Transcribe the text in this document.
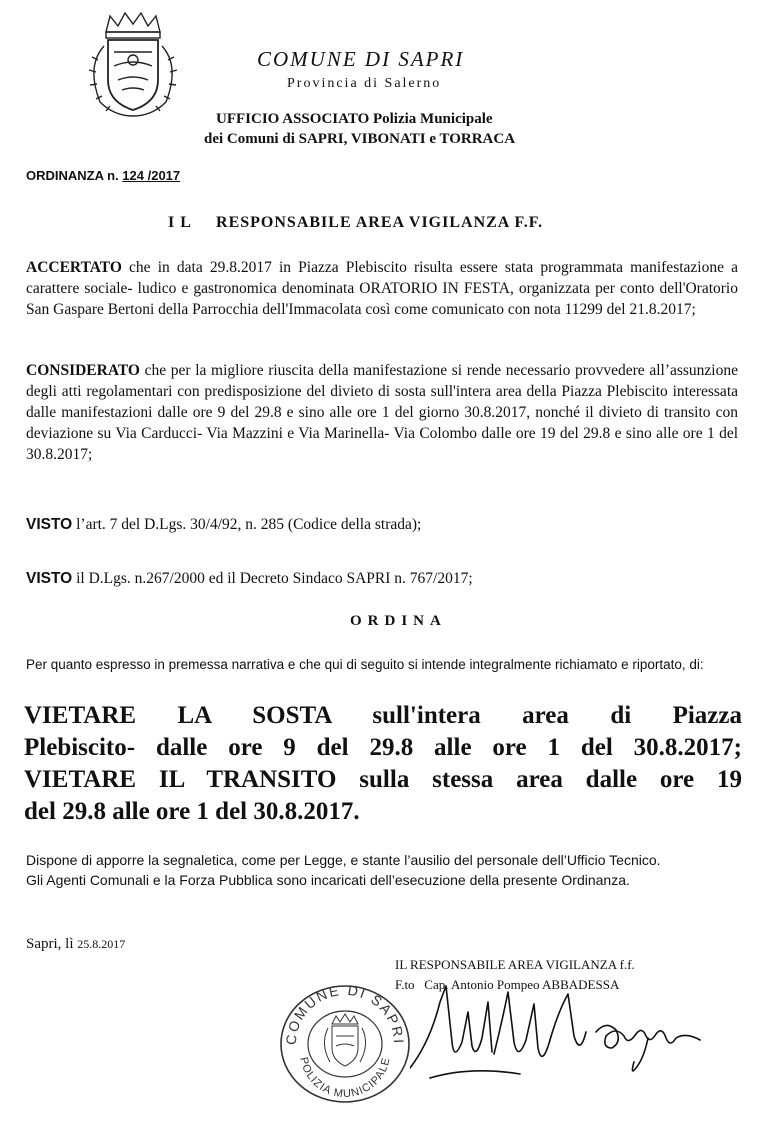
COMUNE DI SAPRI
Provincia di Salerno
UFFICIO ASSOCIATO Polizia Municipale
dei Comuni di SAPRI, VIBONATI e TORRACA
ORDINANZA n. 124 /2017
I L     RESPONSABILE AREA VIGILANZA F.F.
ACCERTATO che in data 29.8.2017 in Piazza Plebiscito risulta essere stata programmata manifestazione a carattere sociale- ludico e gastronomica denominata ORATORIO IN FESTA, organizzata per conto dell'Oratorio San Gaspare Bertoni della Parrocchia dell'Immacolata così come comunicato con nota 11299 del 21.8.2017;
CONSIDERATO che per la migliore riuscita della manifestazione si rende necessario provvedere all’assunzione degli atti regolamentari con predisposizione del divieto di sosta sull'intera area della Piazza Plebiscito interessata dalle manifestazioni dalle ore 9 del 29.8 e sino alle ore 1 del giorno 30.8.2017, nonché il divieto di transito con deviazione su Via Carducci- Via Mazzini e Via Marinella- Via Colombo dalle ore 19 del 29.8 e sino alle ore 1 del 30.8.2017;
VISTO l’art. 7 del D.Lgs. 30/4/92, n. 285 (Codice della strada);
VISTO il D.Lgs. n.267/2000 ed il Decreto Sindaco SAPRI n. 767/2017;
ORDINA
Per quanto espresso in premessa narrativa e che qui di seguito si intende integralmente richiamato e riportato, di:
VIETARE LA SOSTA sull'intera area di Piazza
Plebiscito- dalle ore 9 del 29.8 alle ore 1 del 30.8.2017;
VIETARE IL TRANSITO sulla stessa area dalle ore 19
del 29.8 alle ore 1 del 30.8.2017.
Dispone di apporre la segnaletica, come per Legge, e stante l’ausilio del personale dell’Ufficio Tecnico.
Gli Agenti Comunali e la Forza Pubblica sono incaricati dell’esecuzione della presente Ordinanza.
Sapri, lì 25.8.2017
IL RESPONSABILE AREA VIGILANZA f.f.
F.to   Cap. Antonio Pompeo ABBADESSA
COMUNE DI SAPRI
POLIZIA MUNICIPALE
